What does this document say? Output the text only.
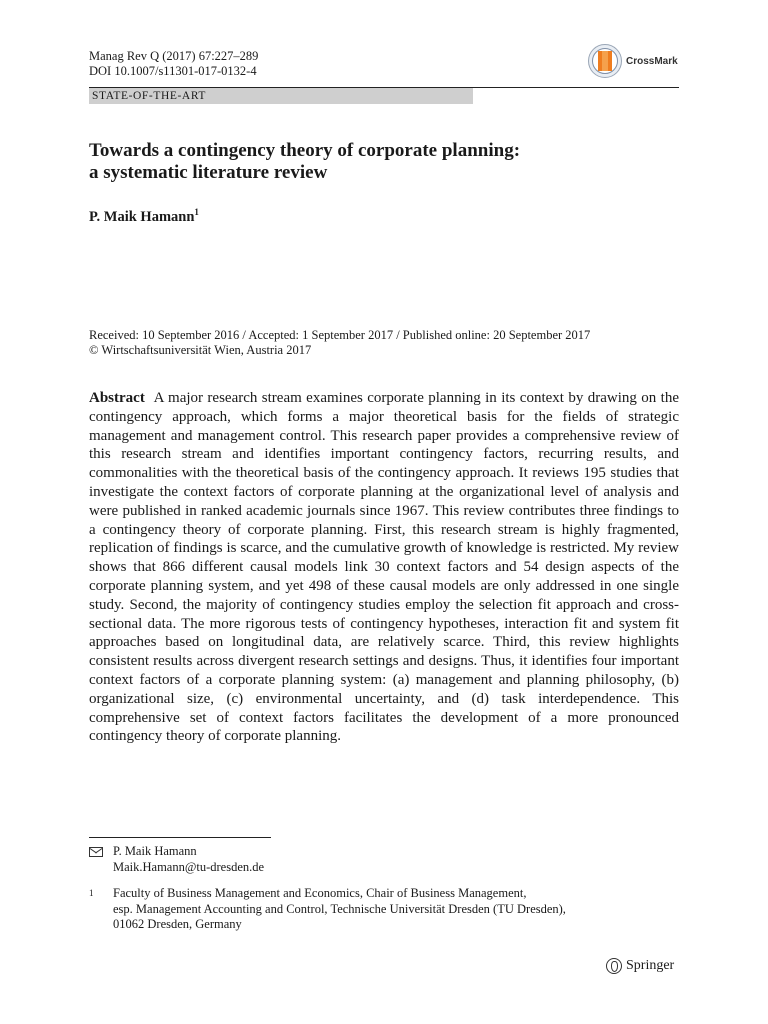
Manag Rev Q (2017) 67:227–289
DOI 10.1007/s11301-017-0132-4
CrossMark
STATE-OF-THE-ART
Towards a contingency theory of corporate planning:
a systematic literature review
P. Maik Hamann$^1$
Received: 10 September 2016 / Accepted: 1 September 2017 / Published online: 20 September 2017
© Wirtschaftsuniversität Wien, Austria 2017

Abstract A major research stream examines corporate planning in its context by drawing on the contingency approach, which forms a major theoretical basis for the fields of strategic management and management control. This research paper provides a comprehensive review of this research stream and identifies important contingency factors, recurring results, and commonalities with the theoretical basis of the contingency approach. It reviews 195 studies that investigate the context factors of corporate planning at the organizational level of analysis and were published in ranked academic journals since 1967. This review contributes three findings to a contingency theory of corporate planning. First, this research stream is highly fragmented, replication of findings is scarce, and the cumulative growth of knowledge is restricted. My review shows that 866 different causal models link 30 context factors and 54 design aspects of the corporate planning system, and yet 498 of these causal models are only addressed in one single study. Second, the majority of contingency studies employ the selection fit approach and cross-sectional data. The more rigorous tests of contingency hypotheses, interaction fit and system fit approaches based on longitudinal data, are relatively scarce. Third, this review highlights consistent results across divergent research settings and designs. Thus, it identifies four important context factors of a corporate planning system: (a) management and planning philosophy, (b) organizational size, (c) environmental uncertainty, and (d) task interdependence. This comprehensive set of context factors facilitates the development of a more pronounced contingency theory of corporate planning.

P. Maik Hamann
Maik.Hamann@tu-dresden.de
1	Faculty of Business Management and Economics, Chair of Business Management,
esp. Management Accounting and Control, Technische Universität Dresden (TU Dresden),
01062 Dresden, Germany
Springer
